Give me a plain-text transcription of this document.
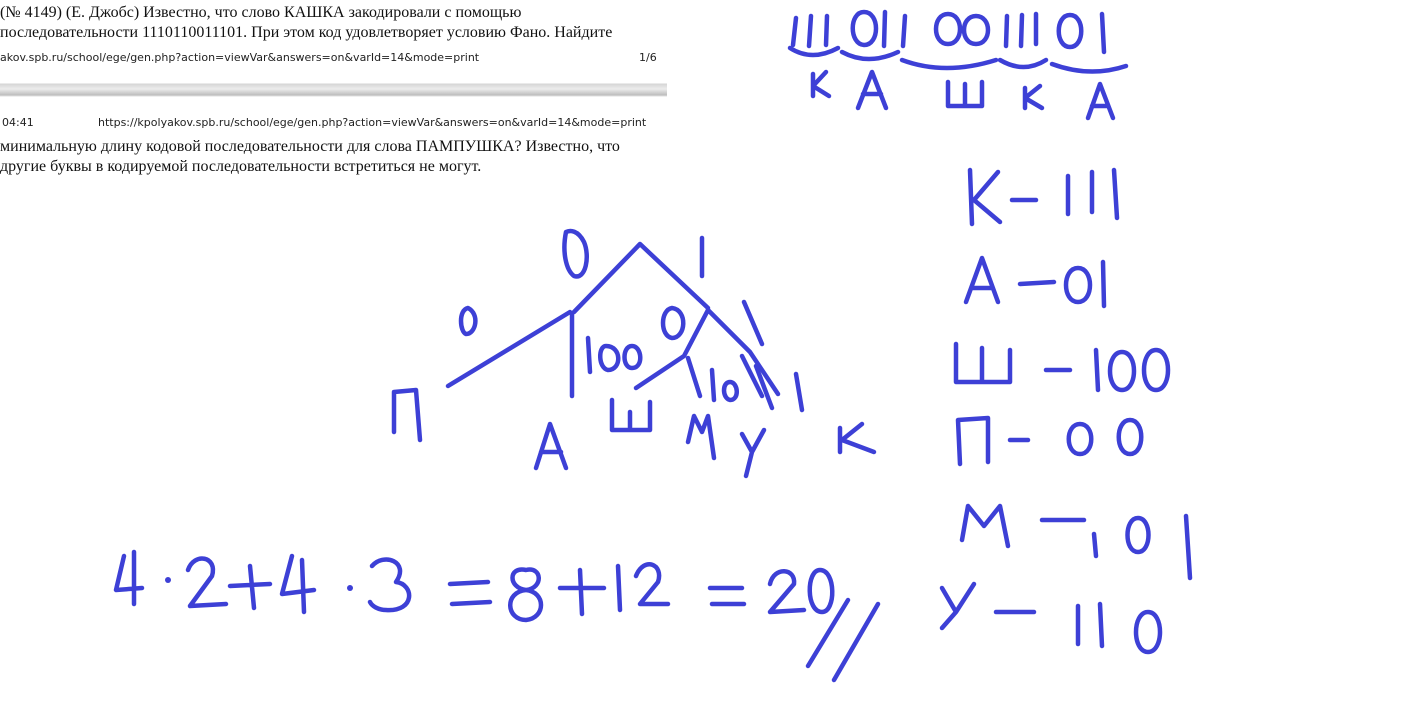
(№ 4149) (Е. Джобс) Известно, что слово КАШКА закодировали с помощью

последовательности 1110110011101. При этом код удовлетворяет условию Фано. Найдите

akov.spb.ru/school/ege/gen.php?action=viewVar&answers=on&varId=14&mode=print	1/6
04:41	https://kpolyakov.spb.ru/school/ege/gen.php?action=viewVar&answers=on&varId=14&mode=print

минимальную длину кодовой последовательности для слова ПАМПУШКА? Известно, что

другие буквы в кодируемой последовательности встретиться не могут.
